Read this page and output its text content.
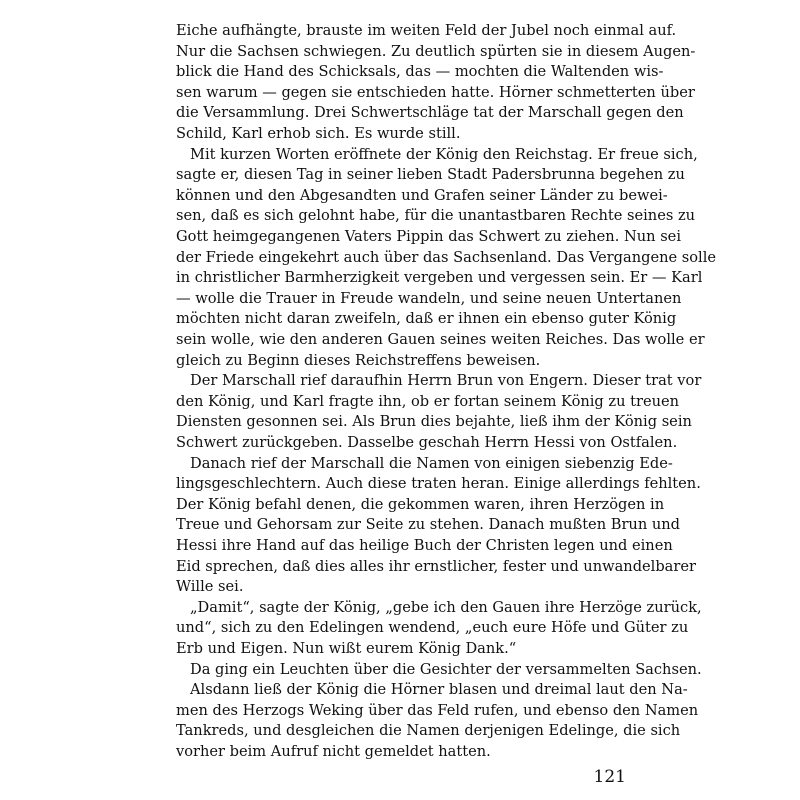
Eiche aufhängte, brauste im weiten Feld der Jubel noch einmal auf.
Nur die Sachsen schwiegen. Zu deutlich spürten sie in diesem Augen-
blick die Hand des Schicksals, das — mochten die Waltenden wis-
sen warum — gegen sie entschieden hatte. Hörner schmetterten über
die Versammlung. Drei Schwertschläge tat der Marschall gegen den
Schild, Karl erhob sich. Es wurde still.
Mit kurzen Worten eröffnete der König den Reichstag. Er freue sich,
sagte er, diesen Tag in seiner lieben Stadt Padersbrunna begehen zu
können und den Abgesandten und Grafen seiner Länder zu bewei-
sen, daß es sich gelohnt habe, für die unantastbaren Rechte seines zu
Gott heimgegangenen Vaters Pippin das Schwert zu ziehen. Nun sei
der Friede eingekehrt auch über das Sachsenland. Das Vergangene solle
in christlicher Barmherzigkeit vergeben und vergessen sein. Er — Karl
— wolle die Trauer in Freude wandeln, und seine neuen Untertanen
möchten nicht daran zweifeln, daß er ihnen ein ebenso guter König
sein wolle, wie den anderen Gauen seines weiten Reiches. Das wolle er
gleich zu Beginn dieses Reichstreffens beweisen.
Der Marschall rief daraufhin Herrn Brun von Engern. Dieser trat vor
den König, und Karl fragte ihn, ob er fortan seinem König zu treuen
Diensten gesonnen sei. Als Brun dies bejahte, ließ ihm der König sein
Schwert zurückgeben. Dasselbe geschah Herrn Hessi von Ostfalen.
Danach rief der Marschall die Namen von einigen siebenzig Ede-
lingsgeschlechtern. Auch diese traten heran. Einige allerdings fehlten.
Der König befahl denen, die gekommen waren, ihren Herzögen in
Treue und Gehorsam zur Seite zu stehen. Danach mußten Brun und
Hessi ihre Hand auf das heilige Buch der Christen legen und einen
Eid sprechen, daß dies alles ihr ernstlicher, fester und unwandelbarer
Wille sei.
„Damit“, sagte der König, „gebe ich den Gauen ihre Herzöge zurück,
und“, sich zu den Edelingen wendend, „euch eure Höfe und Güter zu
Erb und Eigen. Nun wißt eurem König Dank.“
Da ging ein Leuchten über die Gesichter der versammelten Sachsen.
Alsdann ließ der König die Hörner blasen und dreimal laut den Na-
men des Herzogs Weking über das Feld rufen, und ebenso den Namen
Tankreds, und desgleichen die Namen derjenigen Edelinge, die sich
vorher beim Aufruf nicht gemeldet hatten.
121
